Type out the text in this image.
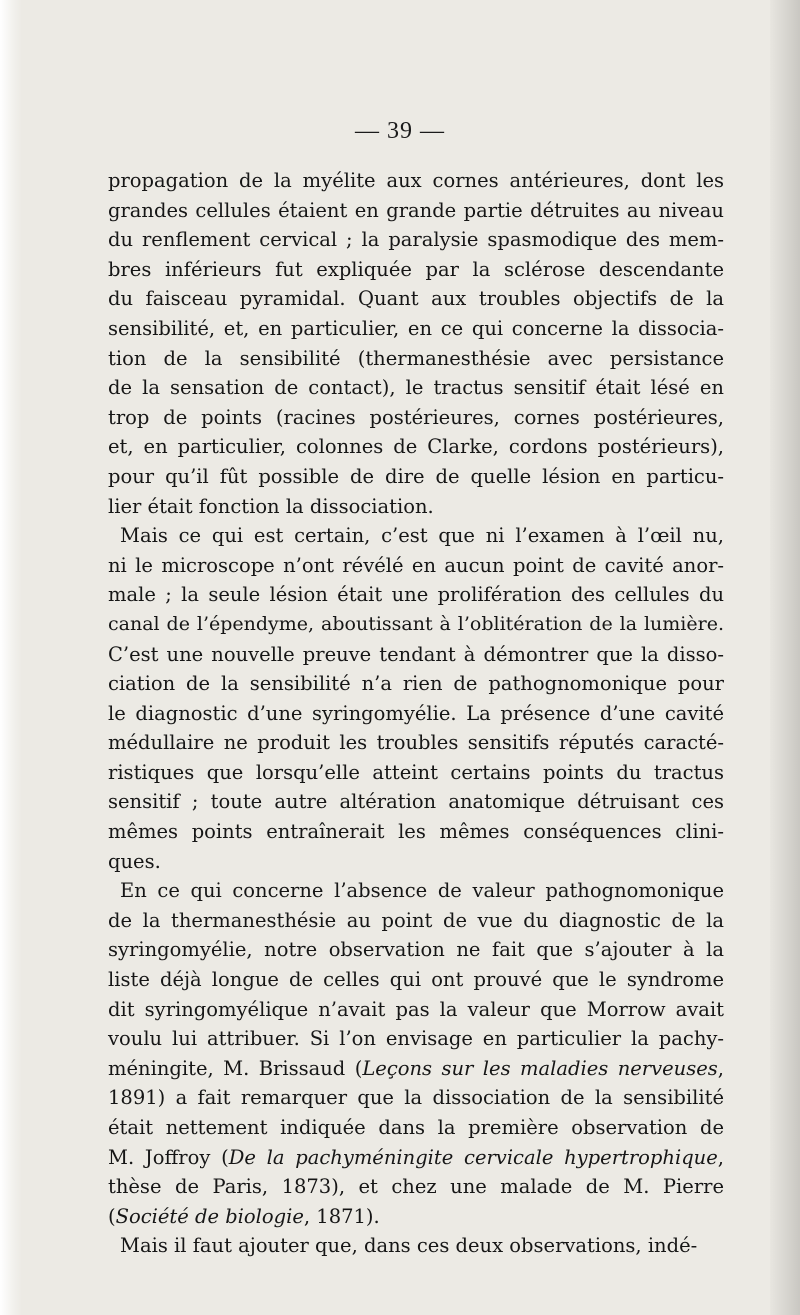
— 39 —
propagation de la myélite aux cornes antérieures, dont les
grandes cellules étaient en grande partie détruites au niveau
du renflement cervical ; la paralysie spasmodique des mem-
bres inférieurs fut expliquée par la sclérose descendante
du faisceau pyramidal. Quant aux troubles objectifs de la
sensibilité, et, en particulier, en ce qui concerne la dissocia-
tion de la sensibilité (thermanesthésie avec persistance
de la sensation de contact), le tractus sensitif était lésé en
trop de points (racines postérieures, cornes postérieures,
et, en particulier, colonnes de Clarke, cordons postérieurs),
pour qu’il fût possible de dire de quelle lésion en particu-
lier était fonction la dissociation.
Mais ce qui est certain, c’est que ni l’examen à l’œil nu,
ni le microscope n’ont révélé en aucun point de cavité anor-
male ; la seule lésion était une prolifération des cellules du
canal de l’épendyme, aboutissant à l’oblitération de la lumière.
C’est une nouvelle preuve tendant à démontrer que la disso-
ciation de la sensibilité n’a rien de pathognomonique pour
le diagnostic d’une syringomyélie. La présence d’une cavité
médullaire ne produit les troubles sensitifs réputés caracté-
ristiques que lorsqu’elle atteint certains points du tractus
sensitif ; toute autre altération anatomique détruisant ces
mêmes points entraînerait les mêmes conséquences clini-
ques.
En ce qui concerne l’absence de valeur pathognomonique
de la thermanesthésie au point de vue du diagnostic de la
syringomyélie, notre observation ne fait que s’ajouter à la
liste déjà longue de celles qui ont prouvé que le syndrome
dit syringomyélique n’avait pas la valeur que Morrow avait
voulu lui attribuer. Si l’on envisage en particulier la pachy-
méningite, M. Brissaud (Leçons sur les maladies nerveuses,
1891) a fait remarquer que la dissociation de la sensibilité
était nettement indiquée dans la première observation de
M. Joffroy (De la pachyméningite cervicale hypertrophique,
thèse de Paris, 1873), et chez une malade de M. Pierre
(Société de biologie, 1871).
Mais il faut ajouter que, dans ces deux observations, indé-
